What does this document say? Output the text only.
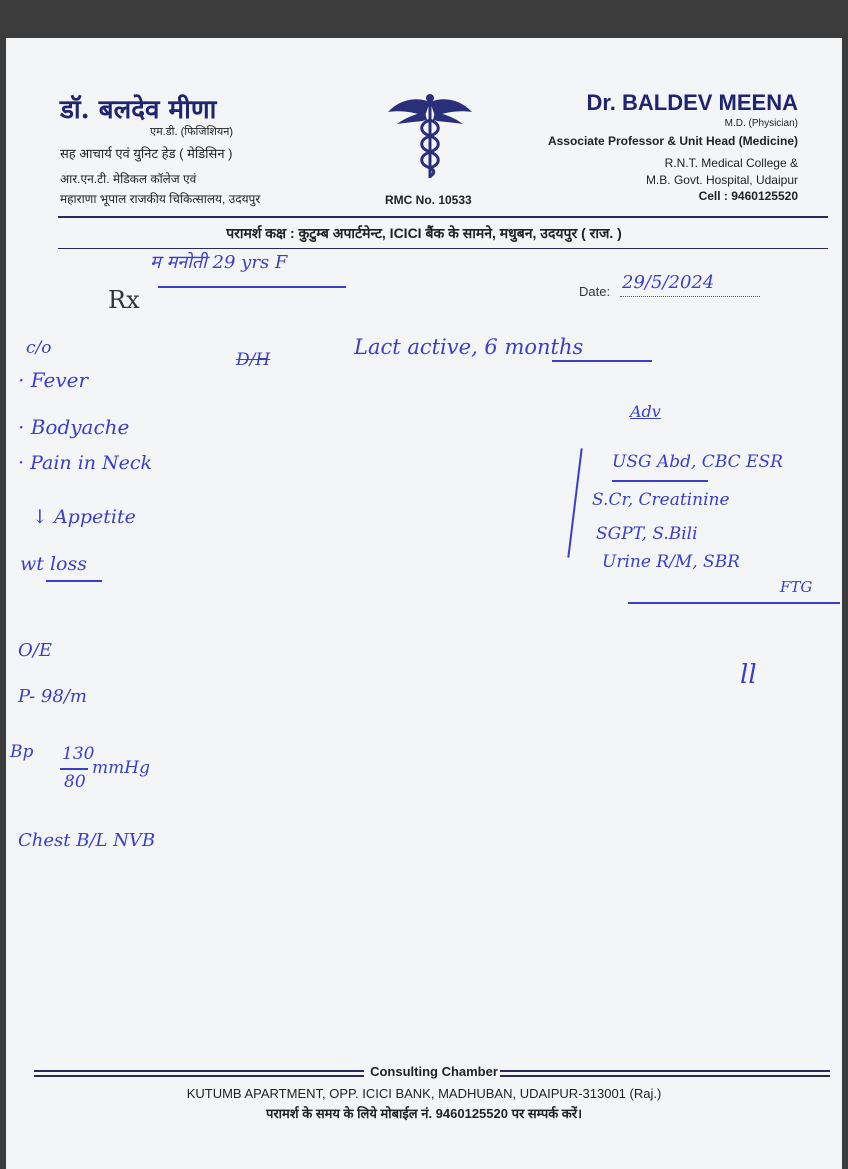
डॉ. बलदेव मीणा
एम.डी. (फिजिशियन)
सह आचार्य एवं युनिट हेड ( मेडिसिन )
आर.एन.टी. मेडिकल कॉलेज एवं
महाराणा भूपाल राजकीय चिकित्सालय, उदयपुर	RMC No. 10533
Dr. BALDEV MEENA
M.D. (Physician)
Associate Professor & Unit Head (Medicine)
R.N.T. Medical College &
M.B. Govt. Hospital, Udaipur
Cell : 9460125520
परामर्श कक्ष : कुटुम्ब अपार्टमेन्ट, ICICI बैंक के सामने, मधुबन, उदयपुर ( राज. )
Rx	Date:
म मनोती 29 yrs F
29/5/2024
c/o
· Fever
· Bodyache
· Pain in Neck
↓ Appetite
wt loss
O/E
P- 98/m
Bp 130
80
mmHg
Chest B/L NVB
D/H
Lact active, 6 months
Adv
USG Abd, CBC ESR
S.Cr, Creatinine
SGPT, S.Bili
Urine R/M, SBR
FTG
ll
Consulting Chamber
KUTUMB APARTMENT, OPP. ICICI BANK, MADHUBAN, UDAIPUR-313001 (Raj.)
परामर्श के समय के लिये मोबाईल नं. 9460125520 पर सम्पर्क करें।
